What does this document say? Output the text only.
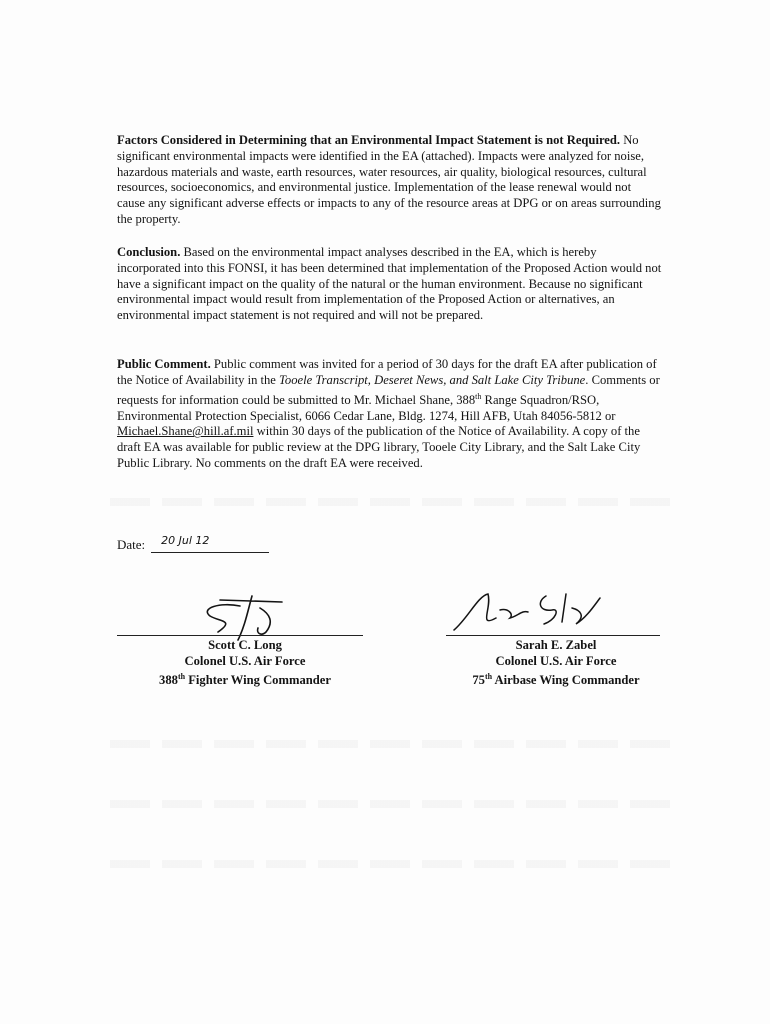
Factors Considered in Determining that an Environmental Impact Statement is not Required. No significant environmental impacts were identified in the EA (attached). Impacts were analyzed for noise, hazardous materials and waste, earth resources, water resources, air quality, biological resources, cultural resources, socioeconomics, and environmental justice. Implementation of the lease renewal would not cause any significant adverse effects or impacts to any of the resource areas at DPG or on areas surrounding the property.

Conclusion. Based on the environmental impact analyses described in the EA, which is hereby incorporated into this FONSI, it has been determined that implementation of the Proposed Action would not have a significant impact on the quality of the natural or the human environment. Because no significant environmental impact would result from implementation of the Proposed Action or alternatives, an environmental impact statement is not required and will not be prepared.

Public Comment. Public comment was invited for a period of 30 days for the draft EA after publication of the Notice of Availability in the Tooele Transcript, Deseret News, and Salt Lake City Tribune. Comments or requests for information could be submitted to Mr. Michael Shane, 388th Range Squadron/RSO, Environmental Protection Specialist, 6066 Cedar Lane, Bldg. 1274, Hill AFB, Utah 84056-5812 or Michael.Shane@hill.af.mil within 30 days of the publication of the Notice of Availability. A copy of the draft EA was available for public review at the DPG library, Tooele City Library, and the Salt Lake City Public Library. No comments on the draft EA were received.

Date: 20 Jul 12
Scott C. Long
Colonel U.S. Air Force
388th Fighter Wing Commander
Sarah E. Zabel
Colonel U.S. Air Force
75th Airbase Wing Commander
